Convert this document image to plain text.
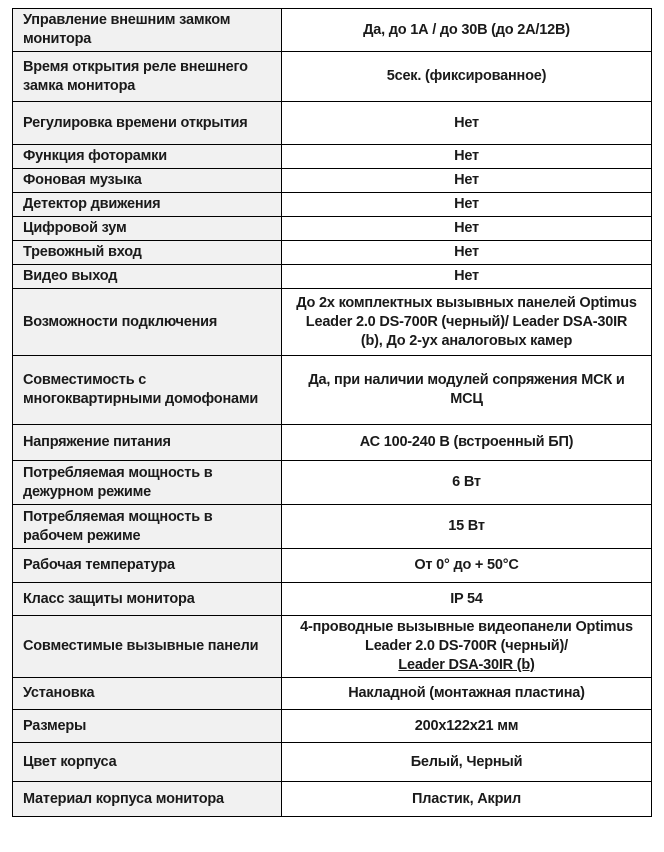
Управление внешним замком монитора	Да, до 1А / до 30В (до 2А/12В)
Время открытия реле внешнего замка монитора	5сек. (фиксированное)
Регулировка времени открытия	Нет
Функция фоторамки	Нет
Фоновая музыка	Нет
Детектор движения	Нет
Цифровой зум	Нет
Тревожный вход	Нет
Видео выход	Нет
Возможности подключения	До 2х комплектных вызывных панелей Optimus Leader 2.0 DS-700R (черный)/ Leader DSA-30IR (b), До 2-ух аналоговых камер
Совместимость с многоквартирными домофонами	Да, при наличии модулей сопряжения МСК и МСЦ
Напряжение питания	АС 100-240 В (встроенный БП)
Потребляемая мощность в дежурном режиме	6 Вт
Потребляемая мощность в рабочем режиме	15 Вт
Рабочая температура	От 0° до + 50°С
Класс защиты монитора	IP 54
Совместимые вызывные панели	4-проводные вызывные видеопанели Optimus Leader 2.0 DS-700R (черный)/
Leader DSA-30IR (b)

Установка	Накладной (монтажная пластина)
Размеры	200х122х21 мм
Цвет корпуса	Белый, Черный
Материал корпуса монитора	Пластик, Акрил
